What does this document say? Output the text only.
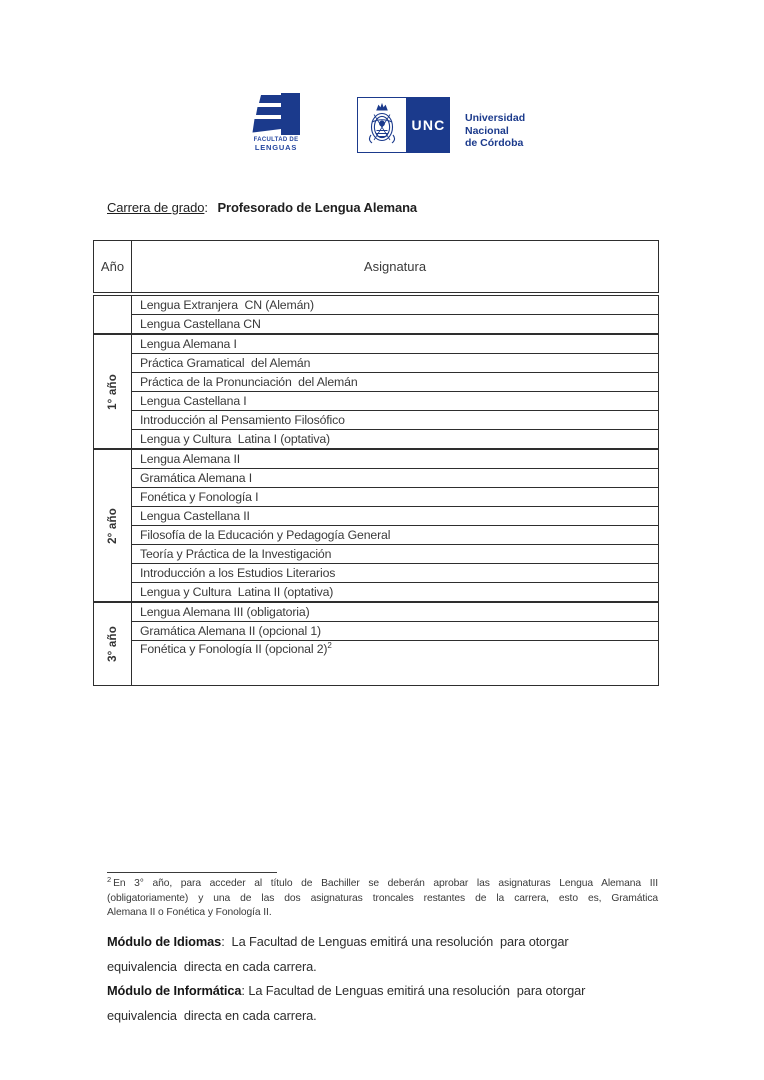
FACULTAD DE
LENGUAS
UNC Universidad
Nacional
de Córdoba
Carrera de grado: Profesorado de Lengua Alemana
Año	Asignatura
	Lengua Extranjera  CN (Alemán)
	Lengua Castellana CN

1° año	Lengua Alemana I
	Práctica Gramatical  del Alemán
	Práctica de la Pronunciación  del Alemán
	Lengua Castellana I
	Introducción al Pensamiento Filosófico
	Lengua y Cultura  Latina I (optativa)

2° año	Lengua Alemana II
	Gramática Alemana I
	Fonética y Fonología I
	Lengua Castellana II
	Filosofía de la Educación y Pedagogía General
	Teoría y Práctica de la Investigación
	Introducción a los Estudios Literarios
	Lengua y Cultura  Latina II (optativa)

3° año	Lengua Alemana III (obligatoria)
	Gramática Alemana II (opcional 1)
	Fonética y Fonología II (opcional 2)$^2$
$^2$ En 3° año, para acceder al título de Bachiller se deberán aprobar las asignaturas Lengua Alemana III
(obligatoriamente) y una de las dos asignaturas troncales restantes de la carrera, esto es, Gramática
Alemana II o Fonética y Fonología II.
Módulo de Idiomas:  La Facultad de Lenguas emitirá una resolución  para otorgar
equivalencia  directa en cada carrera.
Módulo de Informática: La Facultad de Lenguas emitirá una resolución  para otorgar
equivalencia  directa en cada carrera.
